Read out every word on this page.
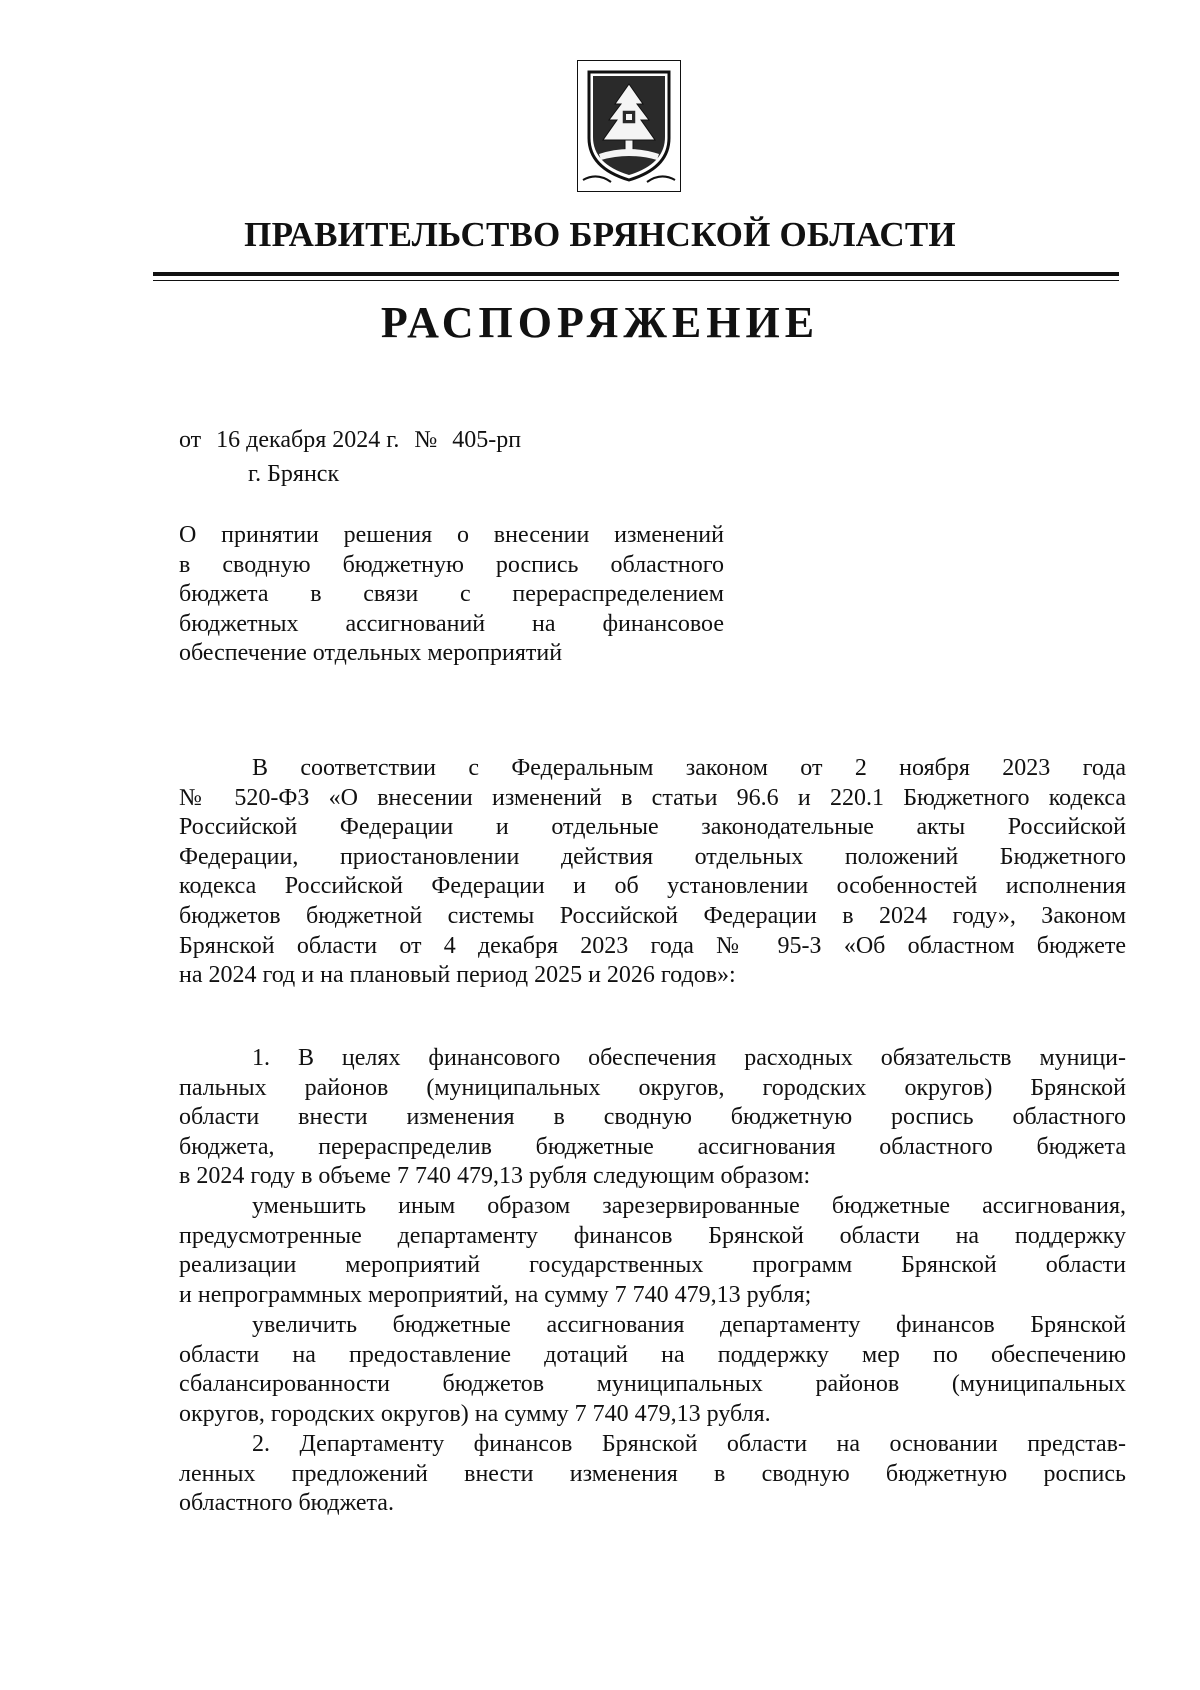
ПРАВИТЕЛЬСТВО БРЯНСКОЙ ОБЛАСТИ
РАСПОРЯЖЕНИЕ
от 16 декабря 2024 г. № 405-рп
г. Брянск
О принятии решения о внесении изменений
в сводную бюджетную роспись областного
бюджета в связи с перераспределением
бюджетных ассигнований на финансовое
обеспечение отдельных мероприятий
В соответствии с Федеральным законом от 2 ноября 2023 года
№ 520-ФЗ «О внесении изменений в статьи 96.6 и 220.1 Бюджетного кодекса
Российской Федерации и отдельные законодательные акты Российской
Федерации, приостановлении действия отдельных положений Бюджетного
кодекса Российской Федерации и об установлении особенностей исполнения
бюджетов бюджетной системы Российской Федерации в 2024 году», Законом
Брянской области от 4 декабря 2023 года № 95-З «Об областном бюджете
на 2024 год и на плановый период 2025 и 2026 годов»:
1. В целях финансового обеспечения расходных обязательств муници-
пальных районов (муниципальных округов, городских округов) Брянской
области внести изменения в сводную бюджетную роспись областного
бюджета, перераспределив бюджетные ассигнования областного бюджета
в 2024 году в объеме 7 740 479,13 рубля следующим образом:
уменьшить иным образом зарезервированные бюджетные ассигнования,
предусмотренные департаменту финансов Брянской области на поддержку
реализации мероприятий государственных программ Брянской области
и непрограммных мероприятий, на сумму 7 740 479,13 рубля;
увеличить бюджетные ассигнования департаменту финансов Брянской
области на предоставление дотаций на поддержку мер по обеспечению
сбалансированности бюджетов муниципальных районов (муниципальных
округов, городских округов) на сумму 7 740 479,13 рубля.
2. Департаменту финансов Брянской области на основании представ-
ленных предложений внести изменения в сводную бюджетную роспись
областного бюджета.
